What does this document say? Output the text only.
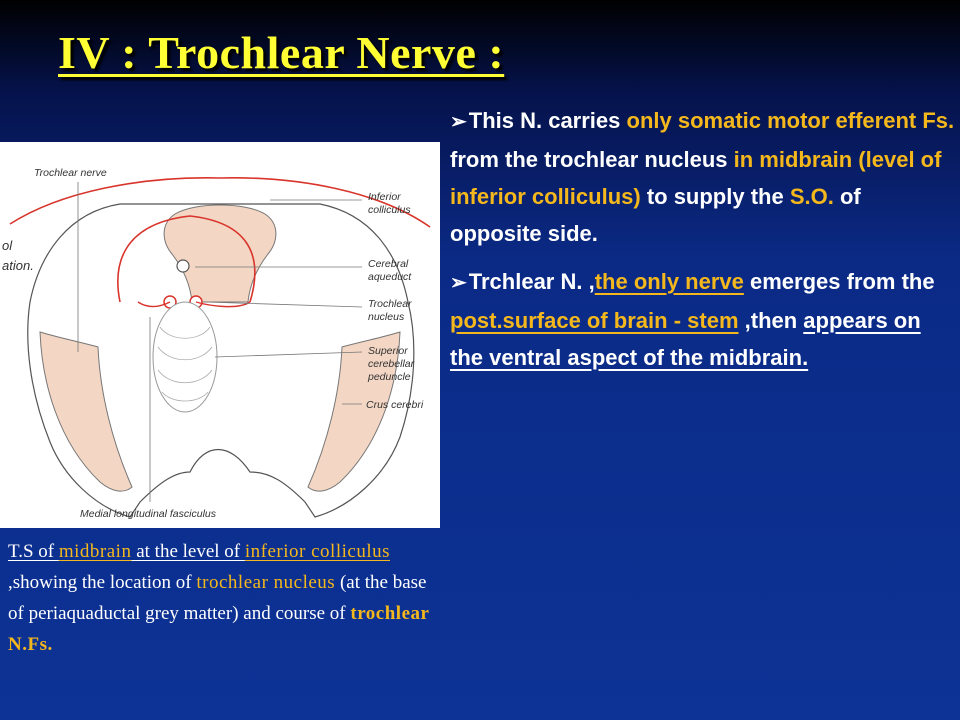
IV : Trochlear Nerve :
➢This N. carries only somatic motor efferent Fs. from the trochlear nucleus in midbrain (level of inferior colliculus) to supply the S.O. of opposite side.
➢Trchlear N. ,the only nerve emerges from the post.surface of brain - stem ,then appears on the ventral aspect of the midbrain.
Trochlear nerve
Inferior
colliculus
Cerebral
aqueduct
Trochlear
nucleus
Superior
cerebellar
peduncle
Crus cerebri
Medial longitudinal fasciculus
ol
ation.
T.S of midbrain at the level of inferior colliculus ,showing the location of trochlear nucleus (at the base of periaquaductal grey matter) and course of trochlear N.Fs.
